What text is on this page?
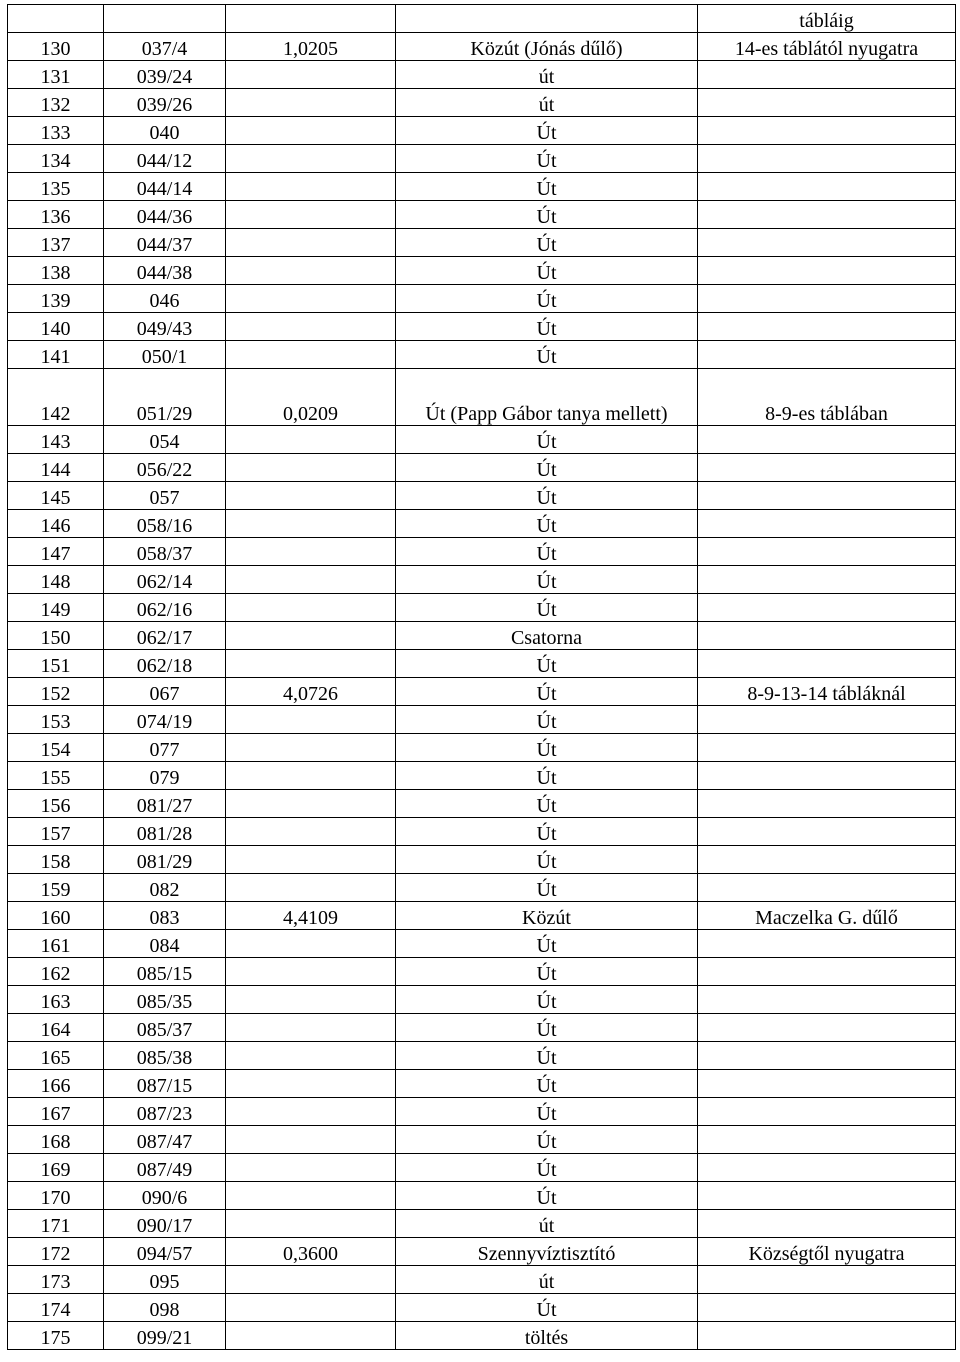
				tábláig
130	037/4	1,0205	Közút (Jónás dűlő)	14-es táblától nyugatra
131	039/24		út	
132	039/26		út	
133	040		Út	
134	044/12		Út	
135	044/14		Út	
136	044/36		Út	
137	044/37		Út	
138	044/38		Út	
139	046		Út	
140	049/43		Út	
141	050/1		Út	
142	051/29	0,0209	Út (Papp Gábor tanya mellett)	8-9-es táblában
143	054		Út	
144	056/22		Út	
145	057		Út	
146	058/16		Út	
147	058/37		Út	
148	062/14		Út	
149	062/16		Út	
150	062/17		Csatorna	
151	062/18		Út	
152	067	4,0726	Út	8-9-13-14 tábláknál
153	074/19		Út	
154	077		Út	
155	079		Út	
156	081/27		Út	
157	081/28		Út	
158	081/29		Út	
159	082		Út	
160	083	4,4109	Közút	Maczelka G. dűlő
161	084		Út	
162	085/15		Út	
163	085/35		Út	
164	085/37		Út	
165	085/38		Út	
166	087/15		Út	
167	087/23		Út	
168	087/47		Út	
169	087/49		Út	
170	090/6		Út	
171	090/17		út	
172	094/57	0,3600	Szennyvíztisztító	Községtől nyugatra
173	095		út	
174	098		Út	
175	099/21		töltés	
